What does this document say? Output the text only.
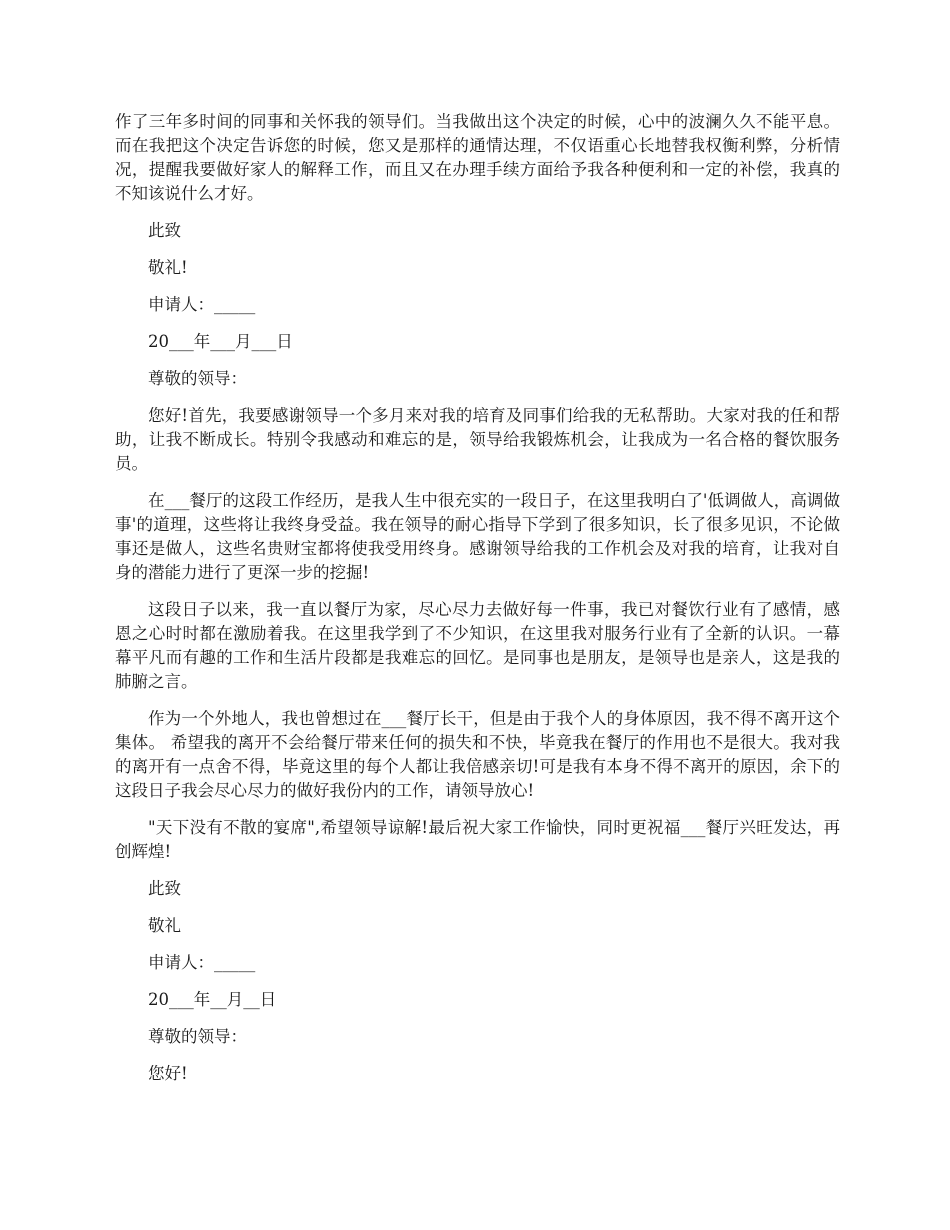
作了三年多时间的同事和关怀我的领导们。当我做出这个决定的时候，心中的波澜久久不能平息。而在我把这个决定告诉您的时候，您又是那样的通情达理，不仅语重心长地替我权衡利弊，分析情况，提醒我要做好家人的解释工作，而且又在办理手续方面给予我各种便利和一定的补偿，我真的不知该说什么才好。

此致

敬礼!

申请人：_____

20___年___月___日

尊敬的领导：

您好!首先，我要感谢领导一个多月来对我的培育及同事们给我的无私帮助。大家对我的任和帮助，让我不断成长。特别令我感动和难忘的是，领导给我锻炼机会，让我成为一名合格的餐饮服务员。

在___餐厅的这段工作经历，是我人生中很充实的一段日子，在这里我明白了'低调做人，高调做事'的道理，这些将让我终身受益。我在领导的耐心指导下学到了很多知识，长了很多见识，不论做事还是做人，这些名贵财宝都将使我受用终身。感谢领导给我的工作机会及对我的培育，让我对自身的潜能力进行了更深一步的挖掘!

这段日子以来，我一直以餐厅为家，尽心尽力去做好每一件事，我已对餐饮行业有了感情，感恩之心时时都在激励着我。在这里我学到了不少知识，在这里我对服务行业有了全新的认识。一幕幕平凡而有趣的工作和生活片段都是我难忘的回忆。是同事也是朋友，是领导也是亲人，这是我的肺腑之言。

作为一个外地人，我也曾想过在___餐厅长干，但是由于我个人的身体原因，我不得不离开这个集体。 希望我的离开不会给餐厅带来任何的损失和不快，毕竟我在餐厅的作用也不是很大。我对我的离开有一点舍不得，毕竟这里的每个人都让我倍感亲切!可是我有本身不得不离开的原因，余下的这段日子我会尽心尽力的做好我份内的工作，请领导放心!

"天下没有不散的宴席",希望领导谅解!最后祝大家工作愉快，同时更祝福___餐厅兴旺发达，再创辉煌!

此致

敬礼

申请人：_____

20___年__月__日

尊敬的领导：

您好!
